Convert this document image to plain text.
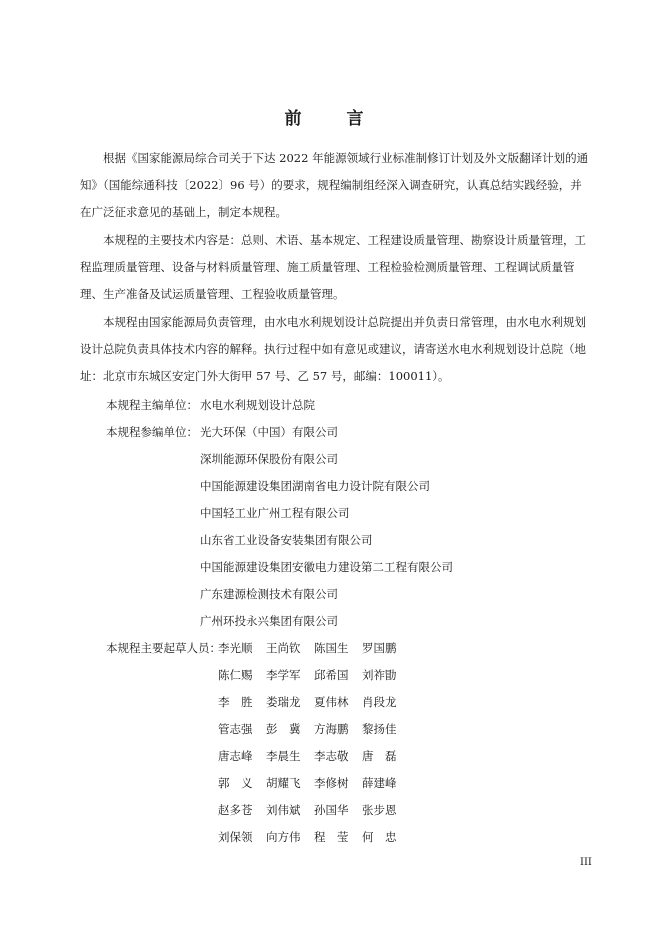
前　言

根据《国家能源局综合司关于下达 2022 年能源领域行业标准制修订计划及外文版翻译计划的通知》（国能综通科技〔2022〕96 号）的要求，规程编制组经深入调查研究，认真总结实践经验，并在广泛征求意见的基础上，制定本规程。

本规程的主要技术内容是：总则、术语、基本规定、工程建设质量管理、勘察设计质量管理，工程监理质量管理、设备与材料质量管理、施工质量管理、工程检验检测质量管理、工程调试质量管理、生产准备及试运质量管理、工程验收质量管理。

本规程由国家能源局负责管理，由水电水利规划设计总院提出并负责日常管理，由水电水利规划设计总院负责具体技术内容的解释。执行过程中如有意见或建议，请寄送水电水利规划设计总院（地址：北京市东城区安定门外大街甲 57 号、乙 57 号，邮编：100011）。

本规程主编单位： 水电水利规划设计总院
本规程参编单位： 光大环保（中国）有限公司
深圳能源环保股份有限公司
中国能源建设集团湖南省电力设计院有限公司
中国轻工业广州工程有限公司
山东省工业设备安装集团有限公司
中国能源建设集团安徽电力建设第二工程有限公司
广东建源检测技术有限公司
广州环投永兴集团有限公司
本规程主要起草人员：
李光顺 王尚钦 陈国生 罗国鹏
陈仁赐 李学军 邱希国 刘祚勖
李　胜 娄瑞龙 夏伟林 肖段龙
管志强 彭　冀 方海鹏 黎扬佳
唐志峰 李晨生 李志敬 唐　磊
郭　义 胡耀飞 李修树 薛建峰
赵多苍 刘伟斌 孙国华 张步恩
刘保领 向方伟 程　莹 何　忠
III
